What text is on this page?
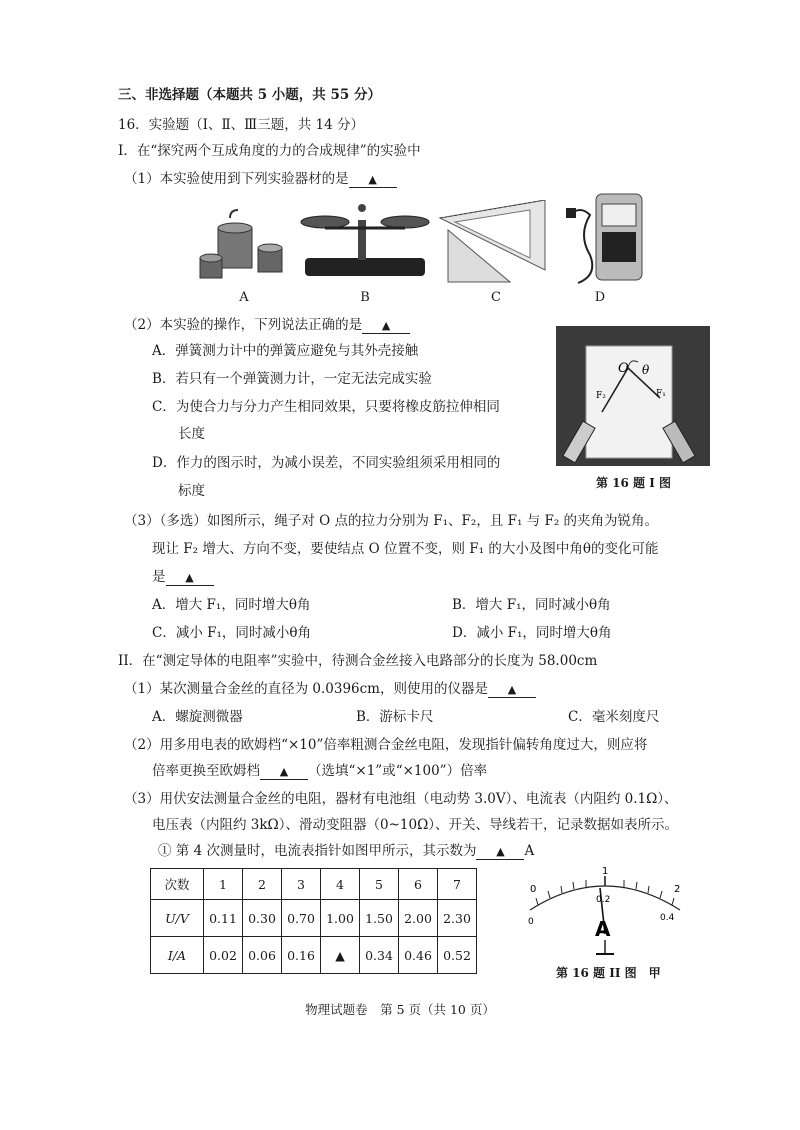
三、非选择题（本题共 5 小题，共 55 分）
16．实验题（Ⅰ、Ⅱ、Ⅲ三题，共 14 分）
I．在“探究两个互成角度的力的合成规律”的实验中
（1）本实验使用到下列实验器材的是 ▲
A	B	C	D
（2）本实验的操作，下列说法正确的是 ▲
A．弹簧测力计中的弹簧应避免与其外壳接触
B．若只有一个弹簧测力计，一定无法完成实验
C．为使合力与分力产生相同效果，只要将橡皮筋拉伸相同
长度
D．作力的图示时，为减小误差，不同实验组须采用相同的
标度
O θ
F₁
F₂
第 16 题 I 图
（3）（多选）如图所示，绳子对 O 点的拉力分别为 F₁、F₂，且 F₁ 与 F₂ 的夹角为锐角。
现让 F₂ 增大、方向不变，要使结点 O 位置不变，则 F₁ 的大小及图中角θ的变化可能
是 ▲
A．增大 F₁，同时增大θ角	B．增大 F₁，同时减小θ角
C．减小 F₁，同时减小θ角	D．减小 F₁，同时增大θ角
II．在“测定导体的电阻率”实验中，待测合金丝接入电路部分的长度为 58.00cm
（1）某次测量合金丝的直径为 0.0396cm，则使用的仪器是 ▲
A．螺旋测微器	B．游标卡尺	C．毫米刻度尺
（2）用多用电表的欧姆档“×10”倍率粗测合金丝电阻，发现指针偏转角度过大，则应将
倍率更换至欧姆档 ▲ （选填“×1”或“×100”）倍率
（3）用伏安法测量合金丝的电阻，器材有电池组（电动势 3.0V）、电流表（内阻约 0.1Ω）、
电压表（内阻约 3kΩ）、滑动变阻器（0~10Ω）、开关、导线若干，记录数据如表所示。
① 第 4 次测量时，电流表指针如图甲所示，其示数为 ▲ A
次数	1	2	3	4	5	6	7
U/V	0.11	0.30	0.70	1.00	1.50	2.00	2.30
I/A	0.02	0.06	0.16	▲	0.34	0.46	0.52
0
1
2
0
0.2
0.4
A
第 16 题 II 图　甲
物理试题卷　第 5 页（共 10 页）
